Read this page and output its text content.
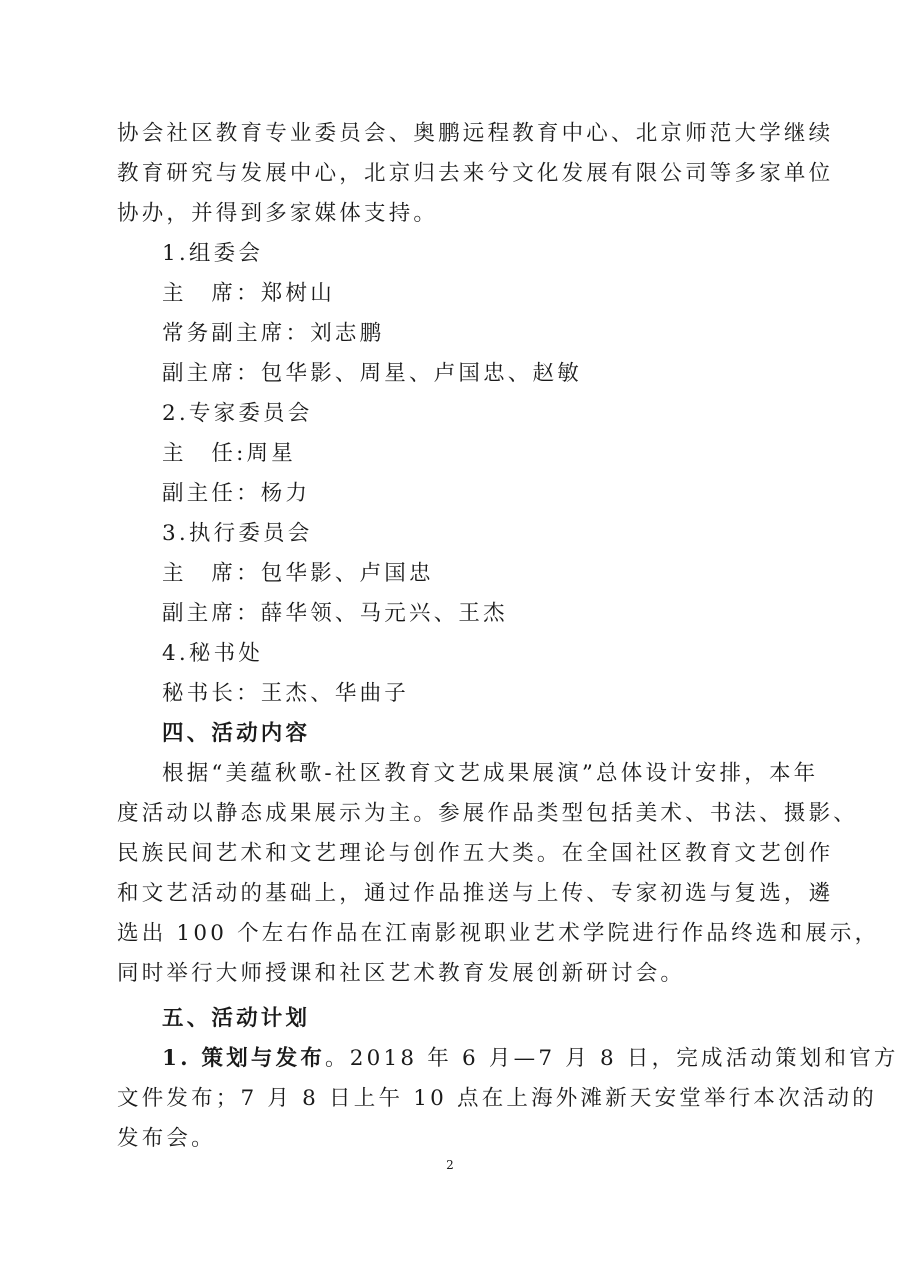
协会社区教育专业委员会、奥鹏远程教育中心、北京师范大学继续
教育研究与发展中心，北京归去来兮文化发展有限公司等多家单位
协办，并得到多家媒体支持。
1.组委会
主　席：郑树山
常务副主席：刘志鹏
副主席：包华影、周星、卢国忠、赵敏
2.专家委员会
主　任:周星
副主任：杨力
3.执行委员会
主　席：包华影、卢国忠
副主席：薛华领、马元兴、王杰
4.秘书处
秘书长：王杰、华曲子
四、活动内容
根据“美蕴秋歌-社区教育文艺成果展演”总体设计安排，本年
度活动以静态成果展示为主。参展作品类型包括美术、书法、摄影、
民族民间艺术和文艺理论与创作五大类。在全国社区教育文艺创作
和文艺活动的基础上，通过作品推送与上传、专家初选与复选，遴
选出 100 个左右作品在江南影视职业艺术学院进行作品终选和展示，
同时举行大师授课和社区艺术教育发展创新研讨会。
五、活动计划
1. 策划与发布。2018 年 6 月—7 月 8 日，完成活动策划和官方
文件发布；7 月 8 日上午 10 点在上海外滩新天安堂举行本次活动的
发布会。
2
